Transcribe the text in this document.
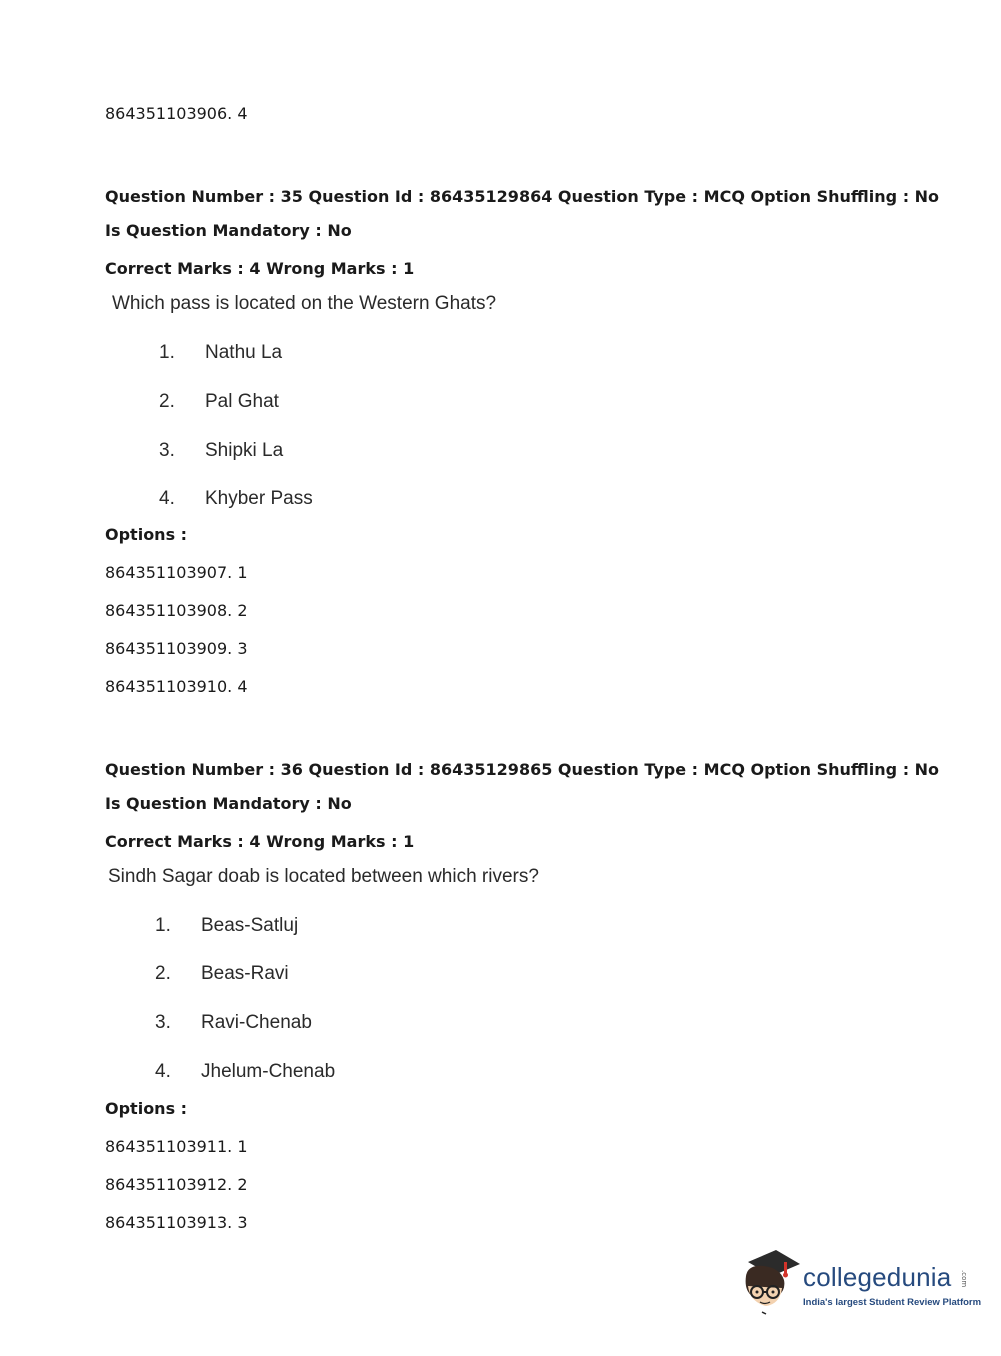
864351103906. 4
Question Number : 35 Question Id : 86435129864 Question Type : MCQ Option Shuffling : No
Is Question Mandatory : No
Correct Marks : 4 Wrong Marks : 1
Which pass is located on the Western Ghats?
1. Nathu La
2. Pal Ghat
3. Shipki La
4. Khyber Pass
Options :
864351103907. 1
864351103908. 2
864351103909. 3
864351103910. 4
Question Number : 36 Question Id : 86435129865 Question Type : MCQ Option Shuffling : No
Is Question Mandatory : No
Correct Marks : 4 Wrong Marks : 1
Sindh Sagar doab is located between which rivers?
1. Beas-Satluj
2. Beas-Ravi
3. Ravi-Chenab
4. Jhelum-Chenab
Options :
864351103911. 1
864351103912. 2
864351103913. 3
collegedunia .com
India's largest Student Review Platform
